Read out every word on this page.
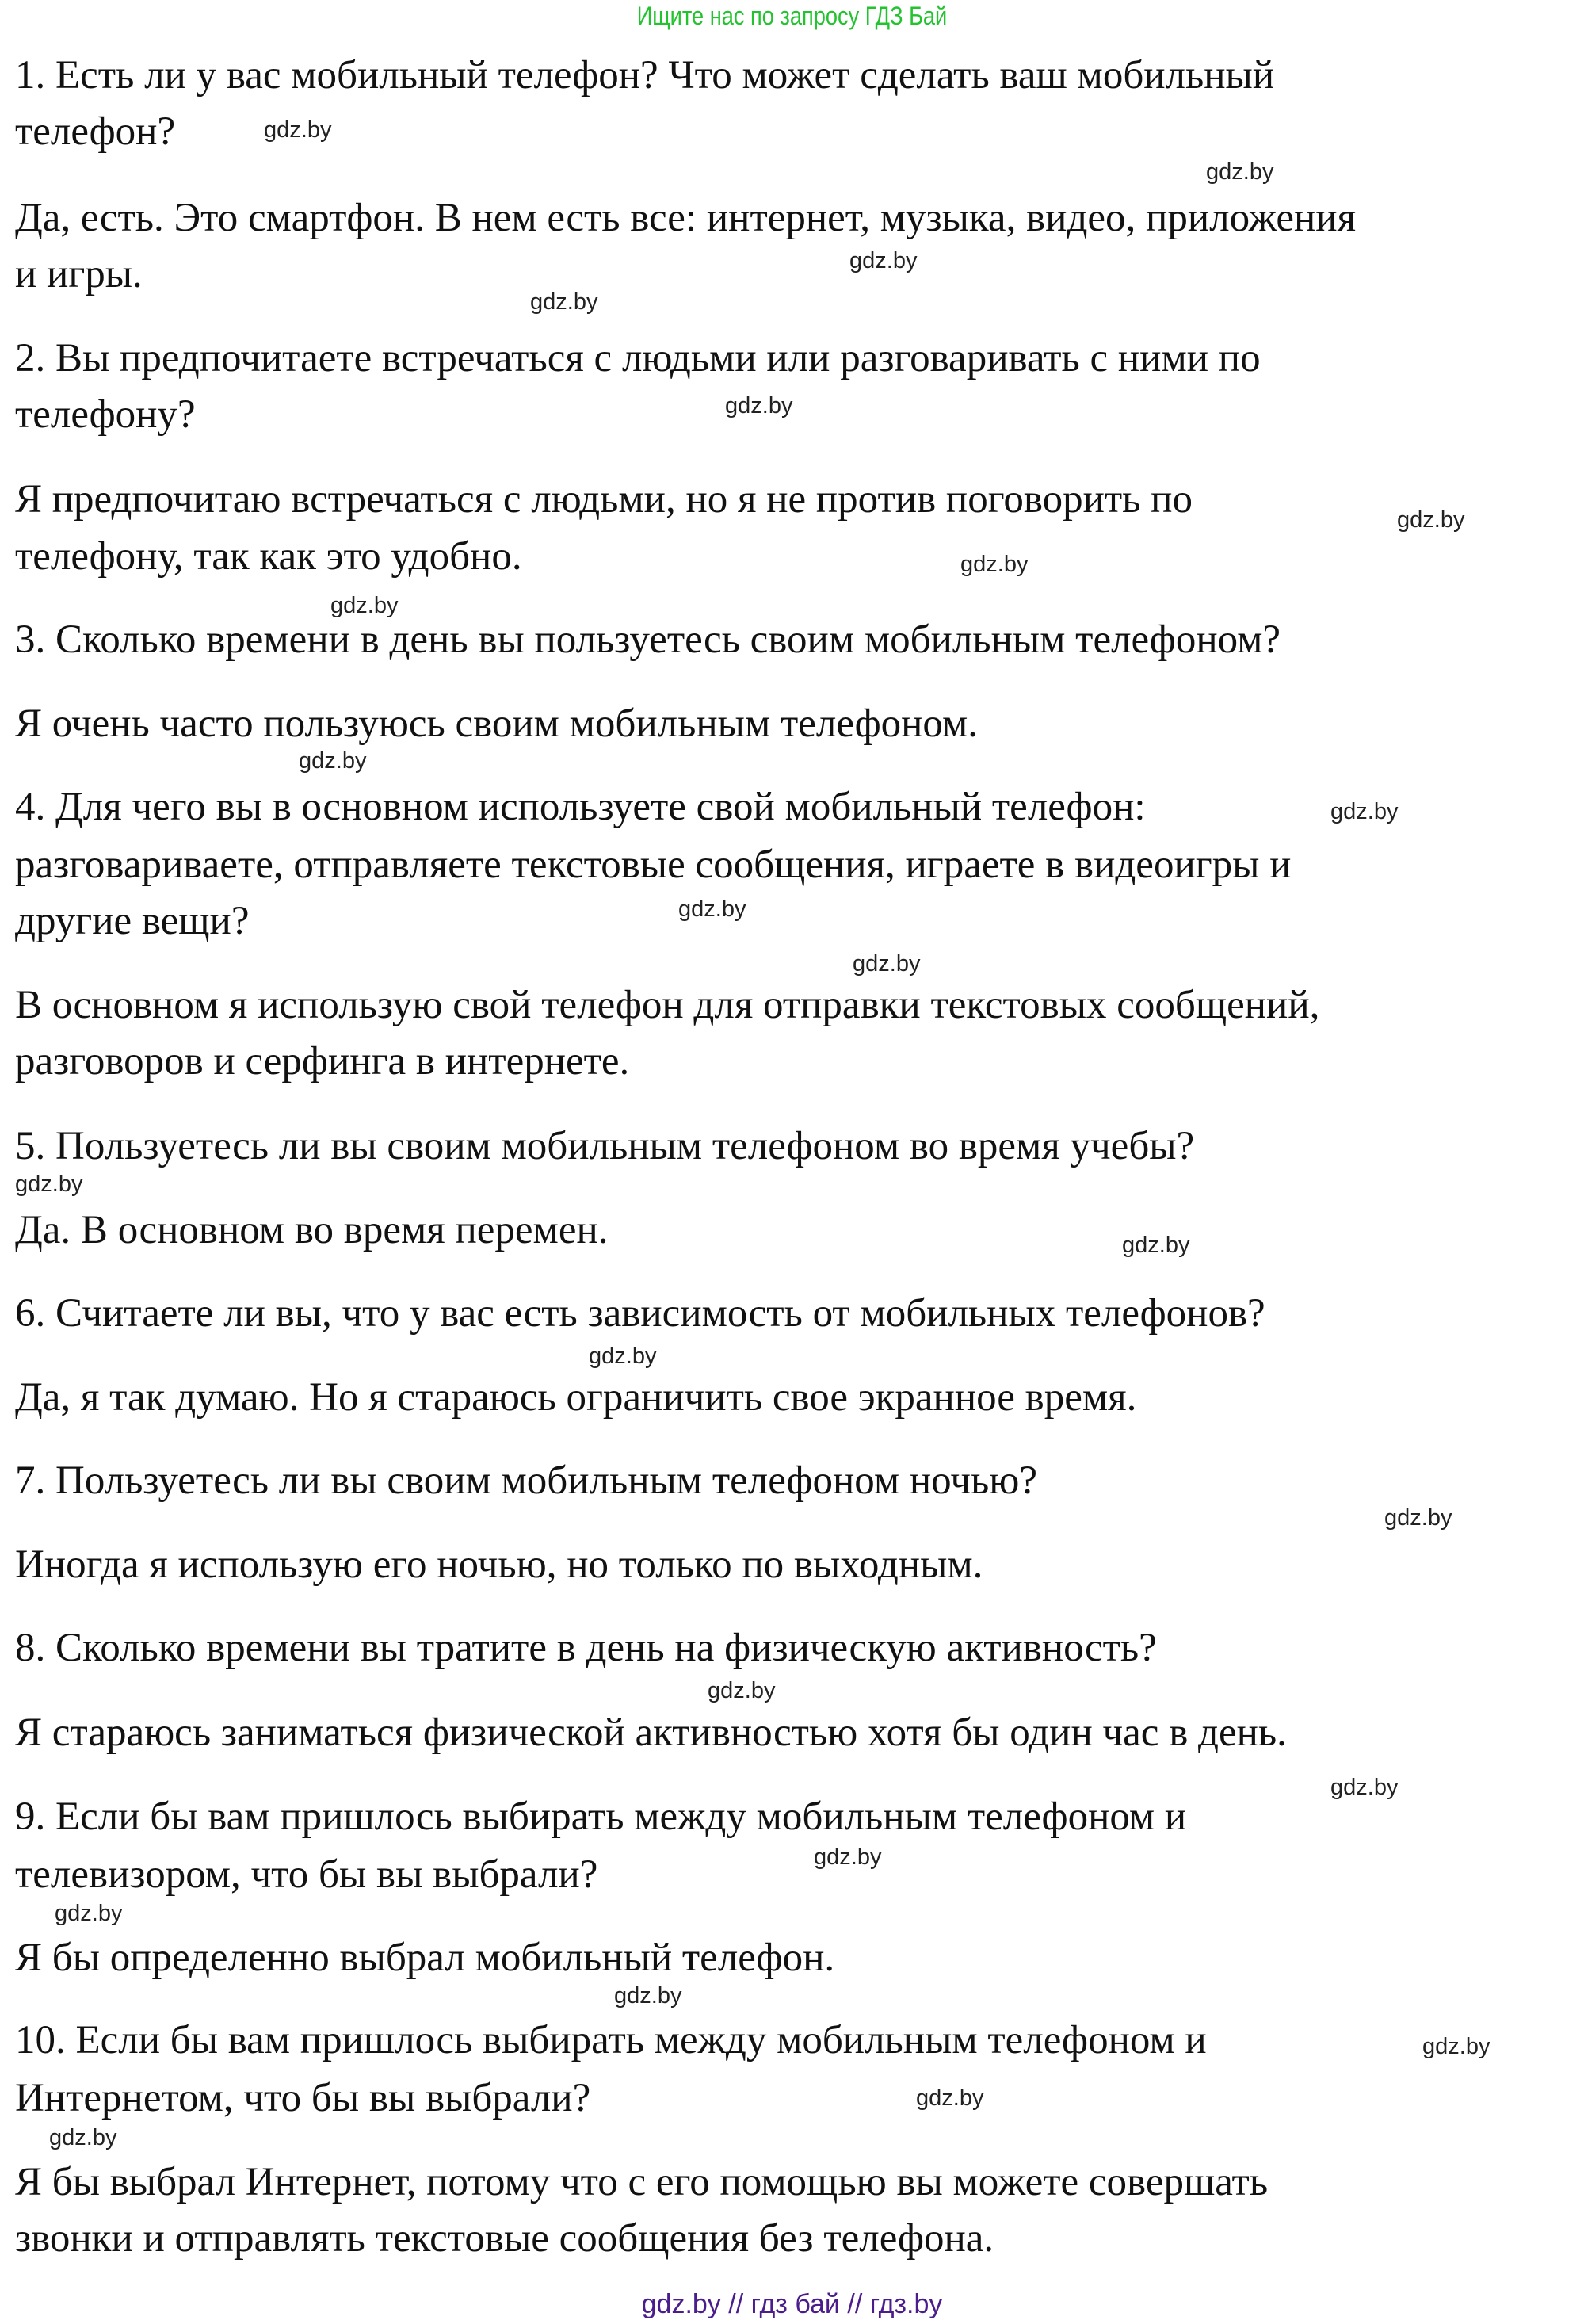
Ищите нас по запросу ГДЗ Бай
1. Есть ли у вас мобильный телефон? Что может сделать ваш мобильный
телефон?
Да, есть. Это смартфон. В нем есть все: интернет, музыка, видео, приложения
и игры.
2. Вы предпочитаете встречаться с людьми или разговаривать с ними по
телефону?
Я предпочитаю встречаться с людьми, но я не против поговорить по
телефону, так как это удобно.
3. Сколько времени в день вы пользуетесь своим мобильным телефоном?
Я очень часто пользуюсь своим мобильным телефоном.
4. Для чего вы в основном используете свой мобильный телефон:
разговариваете, отправляете текстовые сообщения, играете в видеоигры и
другие вещи?
В основном я использую свой телефон для отправки текстовых сообщений,
разговоров и серфинга в интернете.
5. Пользуетесь ли вы своим мобильным телефоном во время учебы?
Да. В основном во время перемен.
6. Считаете ли вы, что у вас есть зависимость от мобильных телефонов?
Да, я так думаю. Но я стараюсь ограничить свое экранное время.
7. Пользуетесь ли вы своим мобильным телефоном ночью?
Иногда я использую его ночью, но только по выходным.
8. Сколько времени вы тратите в день на физическую активность?
Я стараюсь заниматься физической активностью хотя бы один час в день.
9. Если бы вам пришлось выбирать между мобильным телефоном и
телевизором, что бы вы выбрали?
Я бы определенно выбрал мобильный телефон.
10. Если бы вам пришлось выбирать между мобильным телефоном и
Интернетом, что бы вы выбрали?
Я бы выбрал Интернет, потому что с его помощью вы можете совершать
звонки и отправлять текстовые сообщения без телефона.
gdz.by
gdz.by
gdz.by
gdz.by
gdz.by
gdz.by
gdz.by
gdz.by
gdz.by
gdz.by
gdz.by
gdz.by
gdz.by
gdz.by
gdz.by
gdz.by
gdz.by
gdz.by
gdz.by
gdz.by
gdz.by
gdz.by
gdz.by
gdz.by
gdz.by // гдз бай // гдз.by
